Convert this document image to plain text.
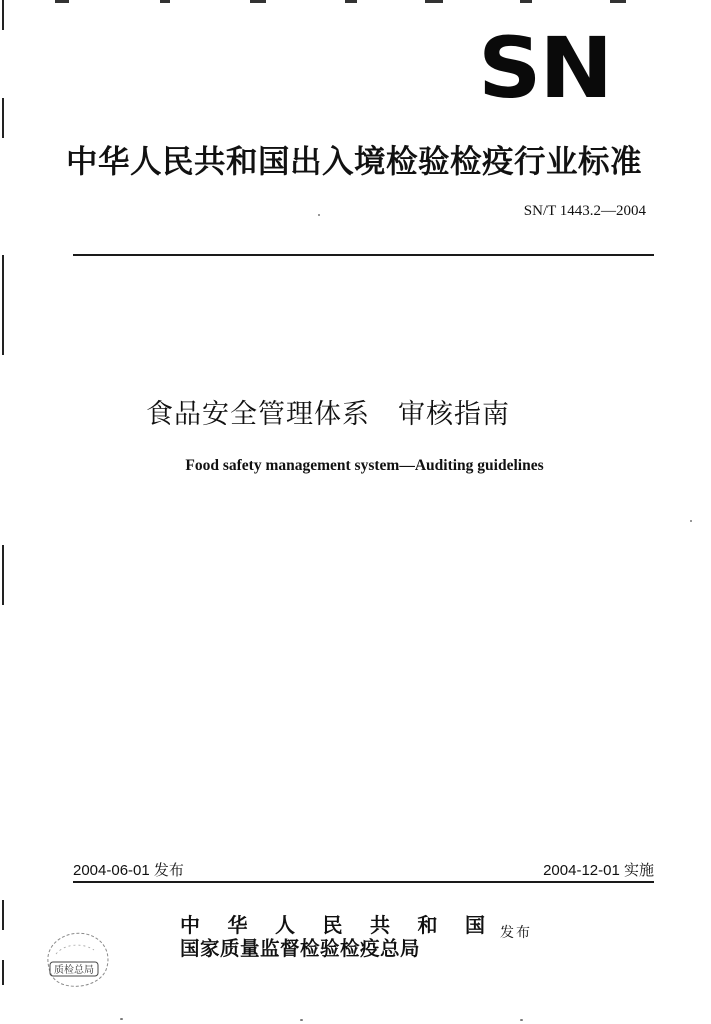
SN
中华人民共和国出入境检验检疫行业标准
SN/T 1443.2—2004
食品安全管理体系　审核指南
Food safety management system—Auditing guidelines
2004-06-01 发布	2004-12-01 实施
中 华 人 民 共 和 国
国家质量监督检验检疫总局
发布
质检总局
